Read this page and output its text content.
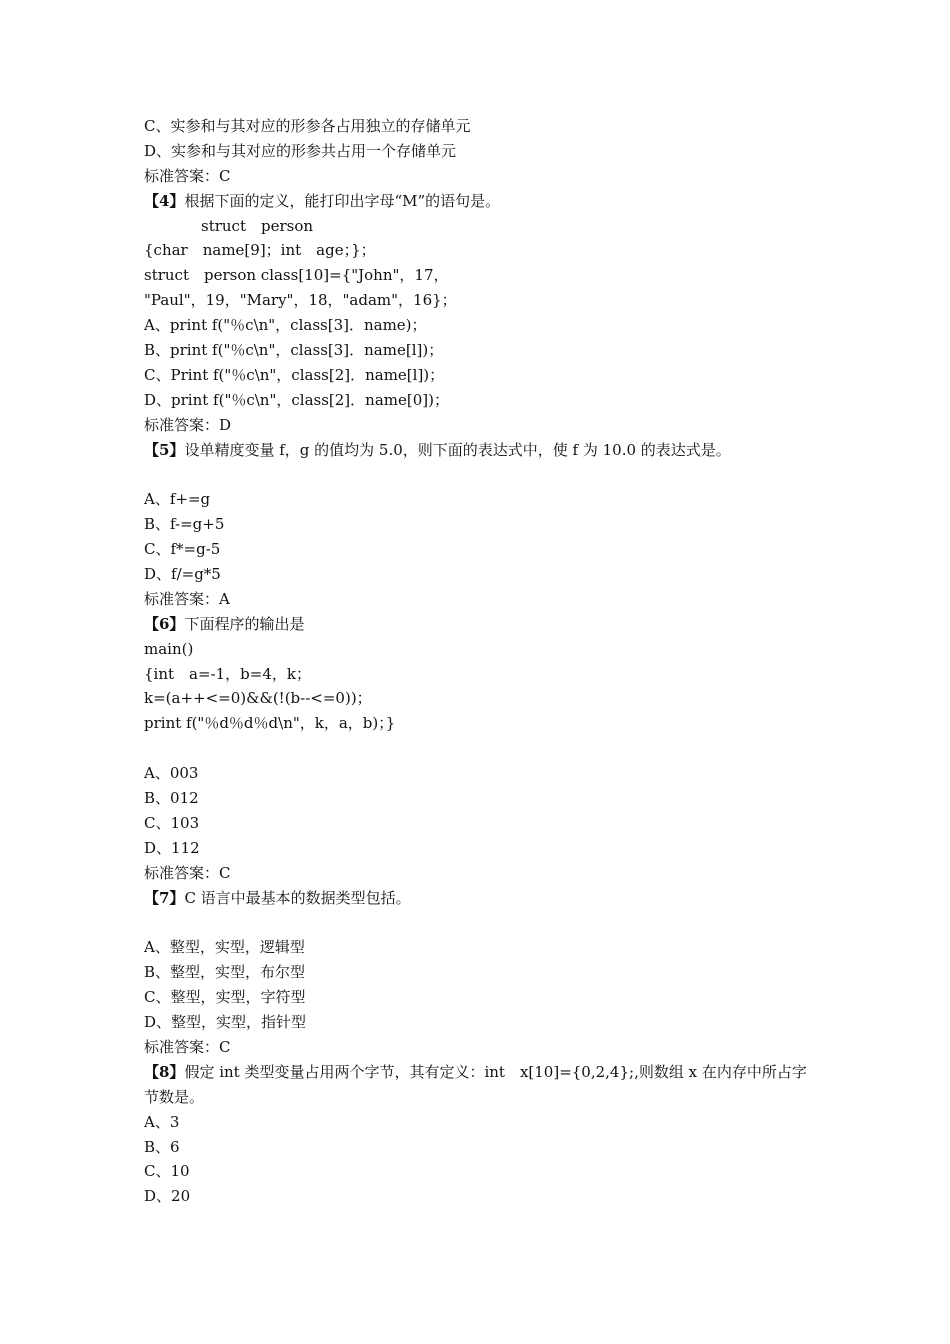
C、实参和与其对应的形参各占用独立的存储单元
D、实参和与其对应的形参共占用一个存储单元
标准答案：C
【4】根据下面的定义，能打印出字母“M”的语句是。
struct　person
{char　name[9]；int　age；}；
struct　person class[10]={"John"，17，
"Paul"，19，"Mary"，18，"adam"，16}；
A、print f("％c\n"，class[3]．name)；
B、print f("％c\n"，class[3]．name[l])；
C、Print f("％c\n"，class[2]．name[l])；
D、print f("％c\n"，class[2]．name[0])；
标准答案：D
【5】设单精度变量 f，g 的值均为 5.0，则下面的表达式中，使 f 为 10.0 的表达式是。
A、f+=g
B、f-=g+5
C、f*=g-5
D、f/=g*5
标准答案：A
【6】下面程序的输出是
main()
{int　a=-1，b=4，k；
k=(a++<=0)&&(!(b--<=0))；
print f("％d％d％d\n"，k，a，b)；}
A、003
B、012
C、103
D、112
标准答案：C
【7】C 语言中最基本的数据类型包括。
A、整型，实型，逻辑型
B、整型，实型，布尔型
C、整型，实型，字符型
D、整型，实型，指针型
标准答案：C
【8】假定 int 类型变量占用两个字节，其有定义：int　x[10]={0,2,4};,则数组 x 在内存中所占字节数是。
A、3
B、6
C、10
D、20
